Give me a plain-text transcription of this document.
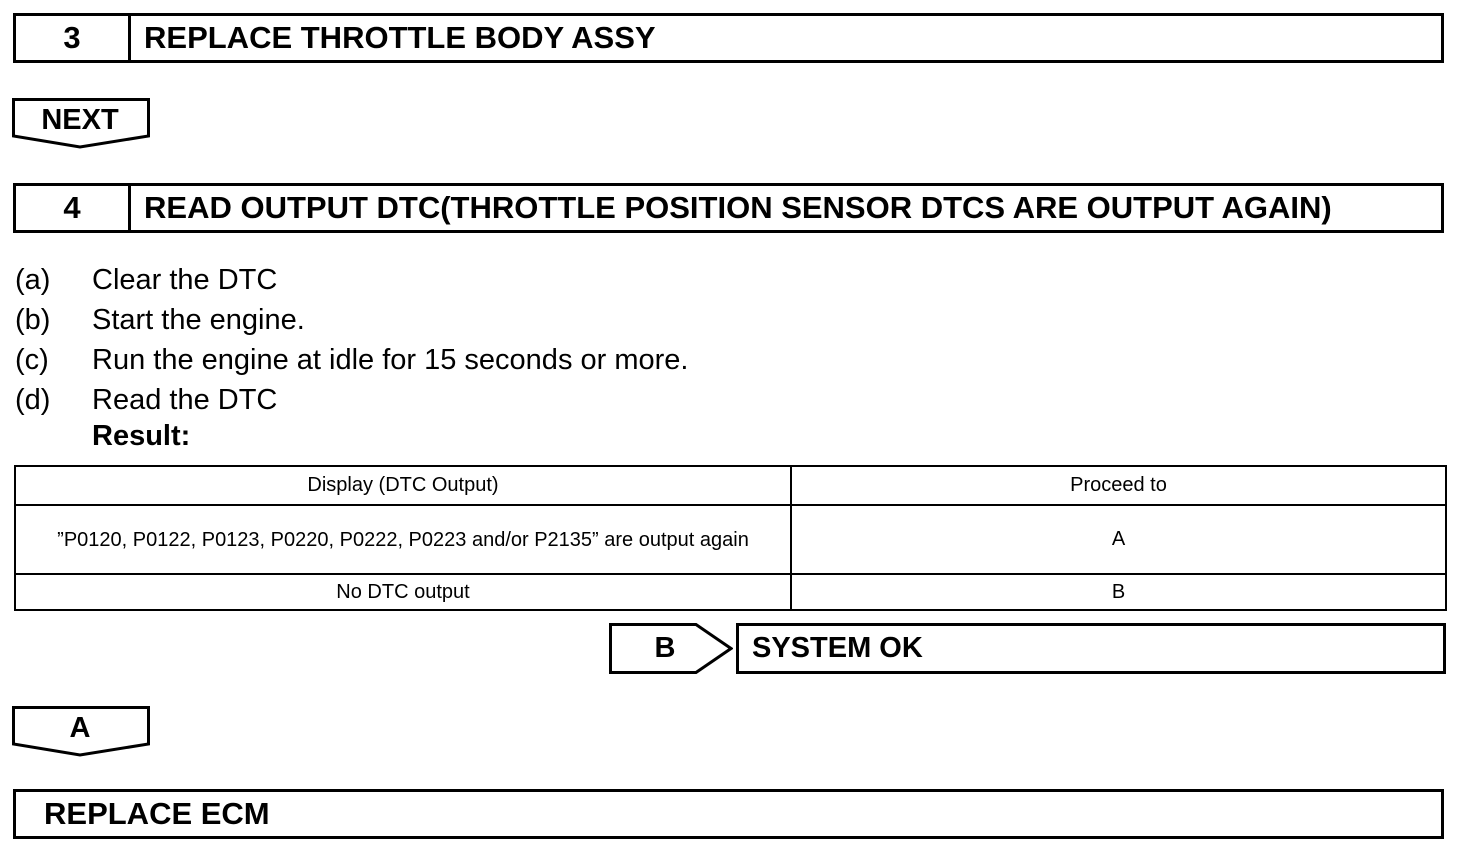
3	REPLACE THROTTLE BODY ASSY
NEXT
4	READ OUTPUT DTC(THROTTLE POSITION SENSOR DTCS ARE OUTPUT AGAIN)
(a)	Clear the DTC
(b)	Start the engine.
(c)	Run the engine at idle for 15 seconds or more.
(d)	Read the DTC
Result:
Display (DTC Output)	Proceed to

”P0120, P0122, P0123, P0220, P0222, P0223 and/or P2135” are output again	A
No DTC output	B
B	SYSTEM OK
A
REPLACE ECM
